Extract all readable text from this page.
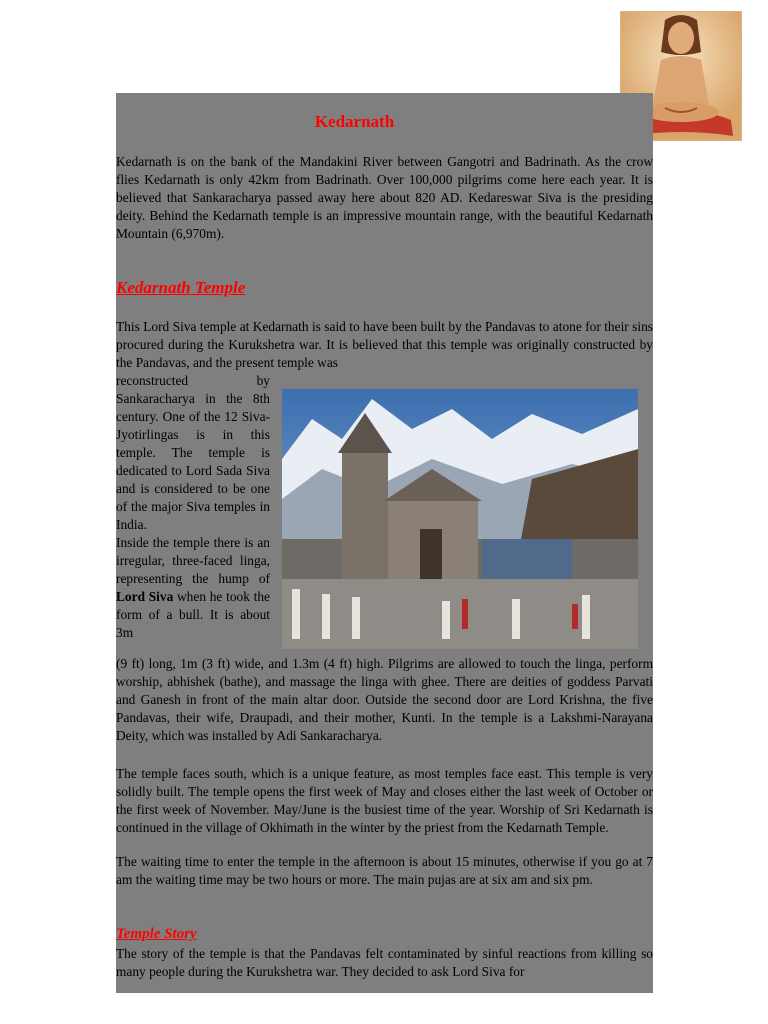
Kedarnath

Kedarnath is on the bank of the Mandakini River between Gangotri and Badrinath. As the crow flies Kedarnath is only 42km from Badrinath. Over 100,000 pilgrims come here each year. It is believed that Sankaracharya passed away here about 820 AD. Kedareswar Siva is the presiding deity. Behind the Kedarnath temple is an impressive mountain range, with the beautiful Kedarnath Mountain (6,970m).

Kedarnath Temple

This Lord Siva temple at Kedarnath is said to have been built by the Pandavas to atone for their sins procured during the Kurukshetra war. It is believed that this temple was originally constructed by the Pandavas, and the present temple was

reconstructed by Sankaracharya in the 8th century. One of the 12 Siva-Jyotirlingas is in this temple. The temple is dedicated to Lord Sada Siva and is considered to be one of the major Siva temples in India.
Inside the temple there is an irregular, three-faced linga, representing the hump of Lord Siva when he took the form of a bull. It is about 3m

(9 ft) long, 1m (3 ft) wide, and 1.3m (4 ft) high. Pilgrims are allowed to touch the linga, perform worship, abhishek (bathe), and massage the linga with ghee. There are deities of goddess Parvati and Ganesh in front of the main altar door. Outside the second door are Lord Krishna, the five Pandavas, their wife, Draupadi, and their mother, Kunti. In the temple is a Lakshmi-Narayana Deity, which was installed by Adi Sankaracharya.

The temple faces south, which is a unique feature, as most temples face east. This temple is very solidly built. The temple opens the first week of May and closes either the last week of October or the first week of November. May/June is the busiest time of the year. Worship of Sri Kedarnath is continued in the village of Okhimath in the winter by the priest from the Kedarnath Temple.

The waiting time to enter the temple in the afternoon is about 15 minutes, otherwise if you go at 7 am the waiting time may be two hours or more. The main pujas are at six am and six pm.

Temple Story

The story of the temple is that the Pandavas felt contaminated by sinful reactions from killing so many people during the Kurukshetra war. They decided to ask Lord Siva for
